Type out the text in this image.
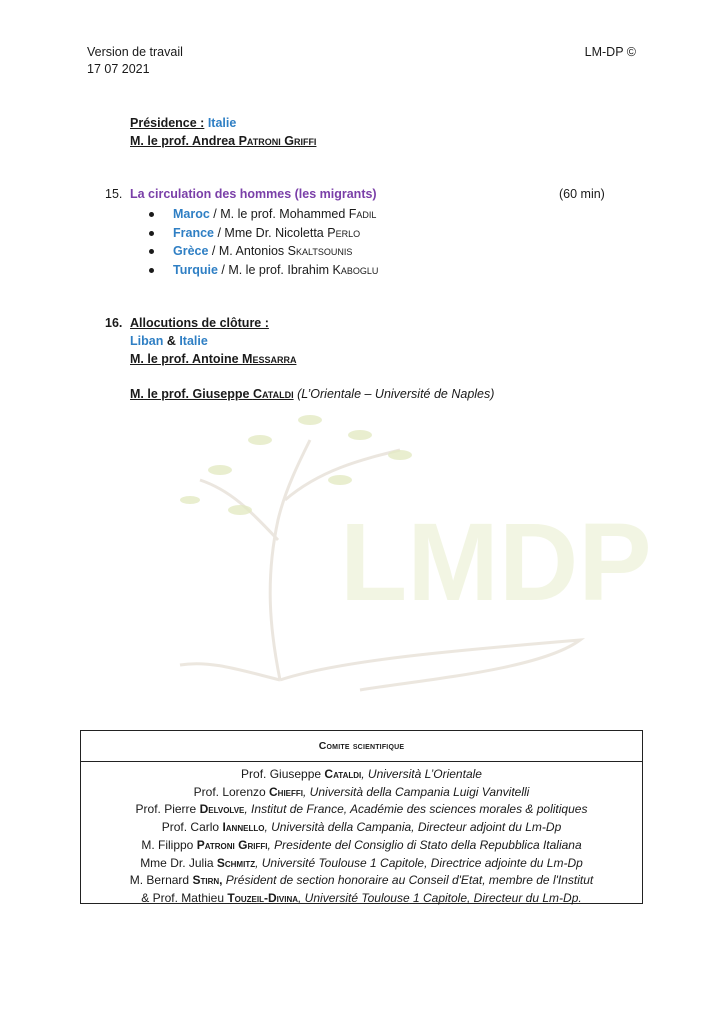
Version de travail
17 07 2021
LM-DP ©
LMDP
Présidence : Italie
M. le prof. Andrea Patroni Griffi
15. La circulation des hommes (les migrants)	(60 min)
Maroc / M. le prof. Mohammed Fadil
France / Mme Dr. Nicoletta Perlo
Grèce / M. Antonios Skaltsounis
Turquie / M. le prof. Ibrahim Kaboglu
16. Allocutions de clôture :
Liban & Italie
M. le prof. Antoine Messarra
M. le prof. Giuseppe Cataldi (L’Orientale – Université de Naples)
Comite scientifique
Prof. Giuseppe Cataldi, Università L’Orientale
Prof. Lorenzo Chieffi, Università della Campania Luigi Vanvitelli
Prof. Pierre Delvolve, Institut de France, Académie des sciences morales & politiques
Prof. Carlo Iannello, Università della Campania, Directeur adjoint du Lm-Dp
M. Filippo Patroni Griffi, Presidente del Consiglio di Stato della Repubblica Italiana
Mme Dr. Julia Schmitz, Université Toulouse 1 Capitole, Directrice adjointe du Lm-Dp
M. Bernard Stirn, Président de section honoraire au Conseil d'Etat, membre de l'Institut
& Prof. Mathieu Touzeil-Divina, Université Toulouse 1 Capitole, Directeur du Lm-Dp.
